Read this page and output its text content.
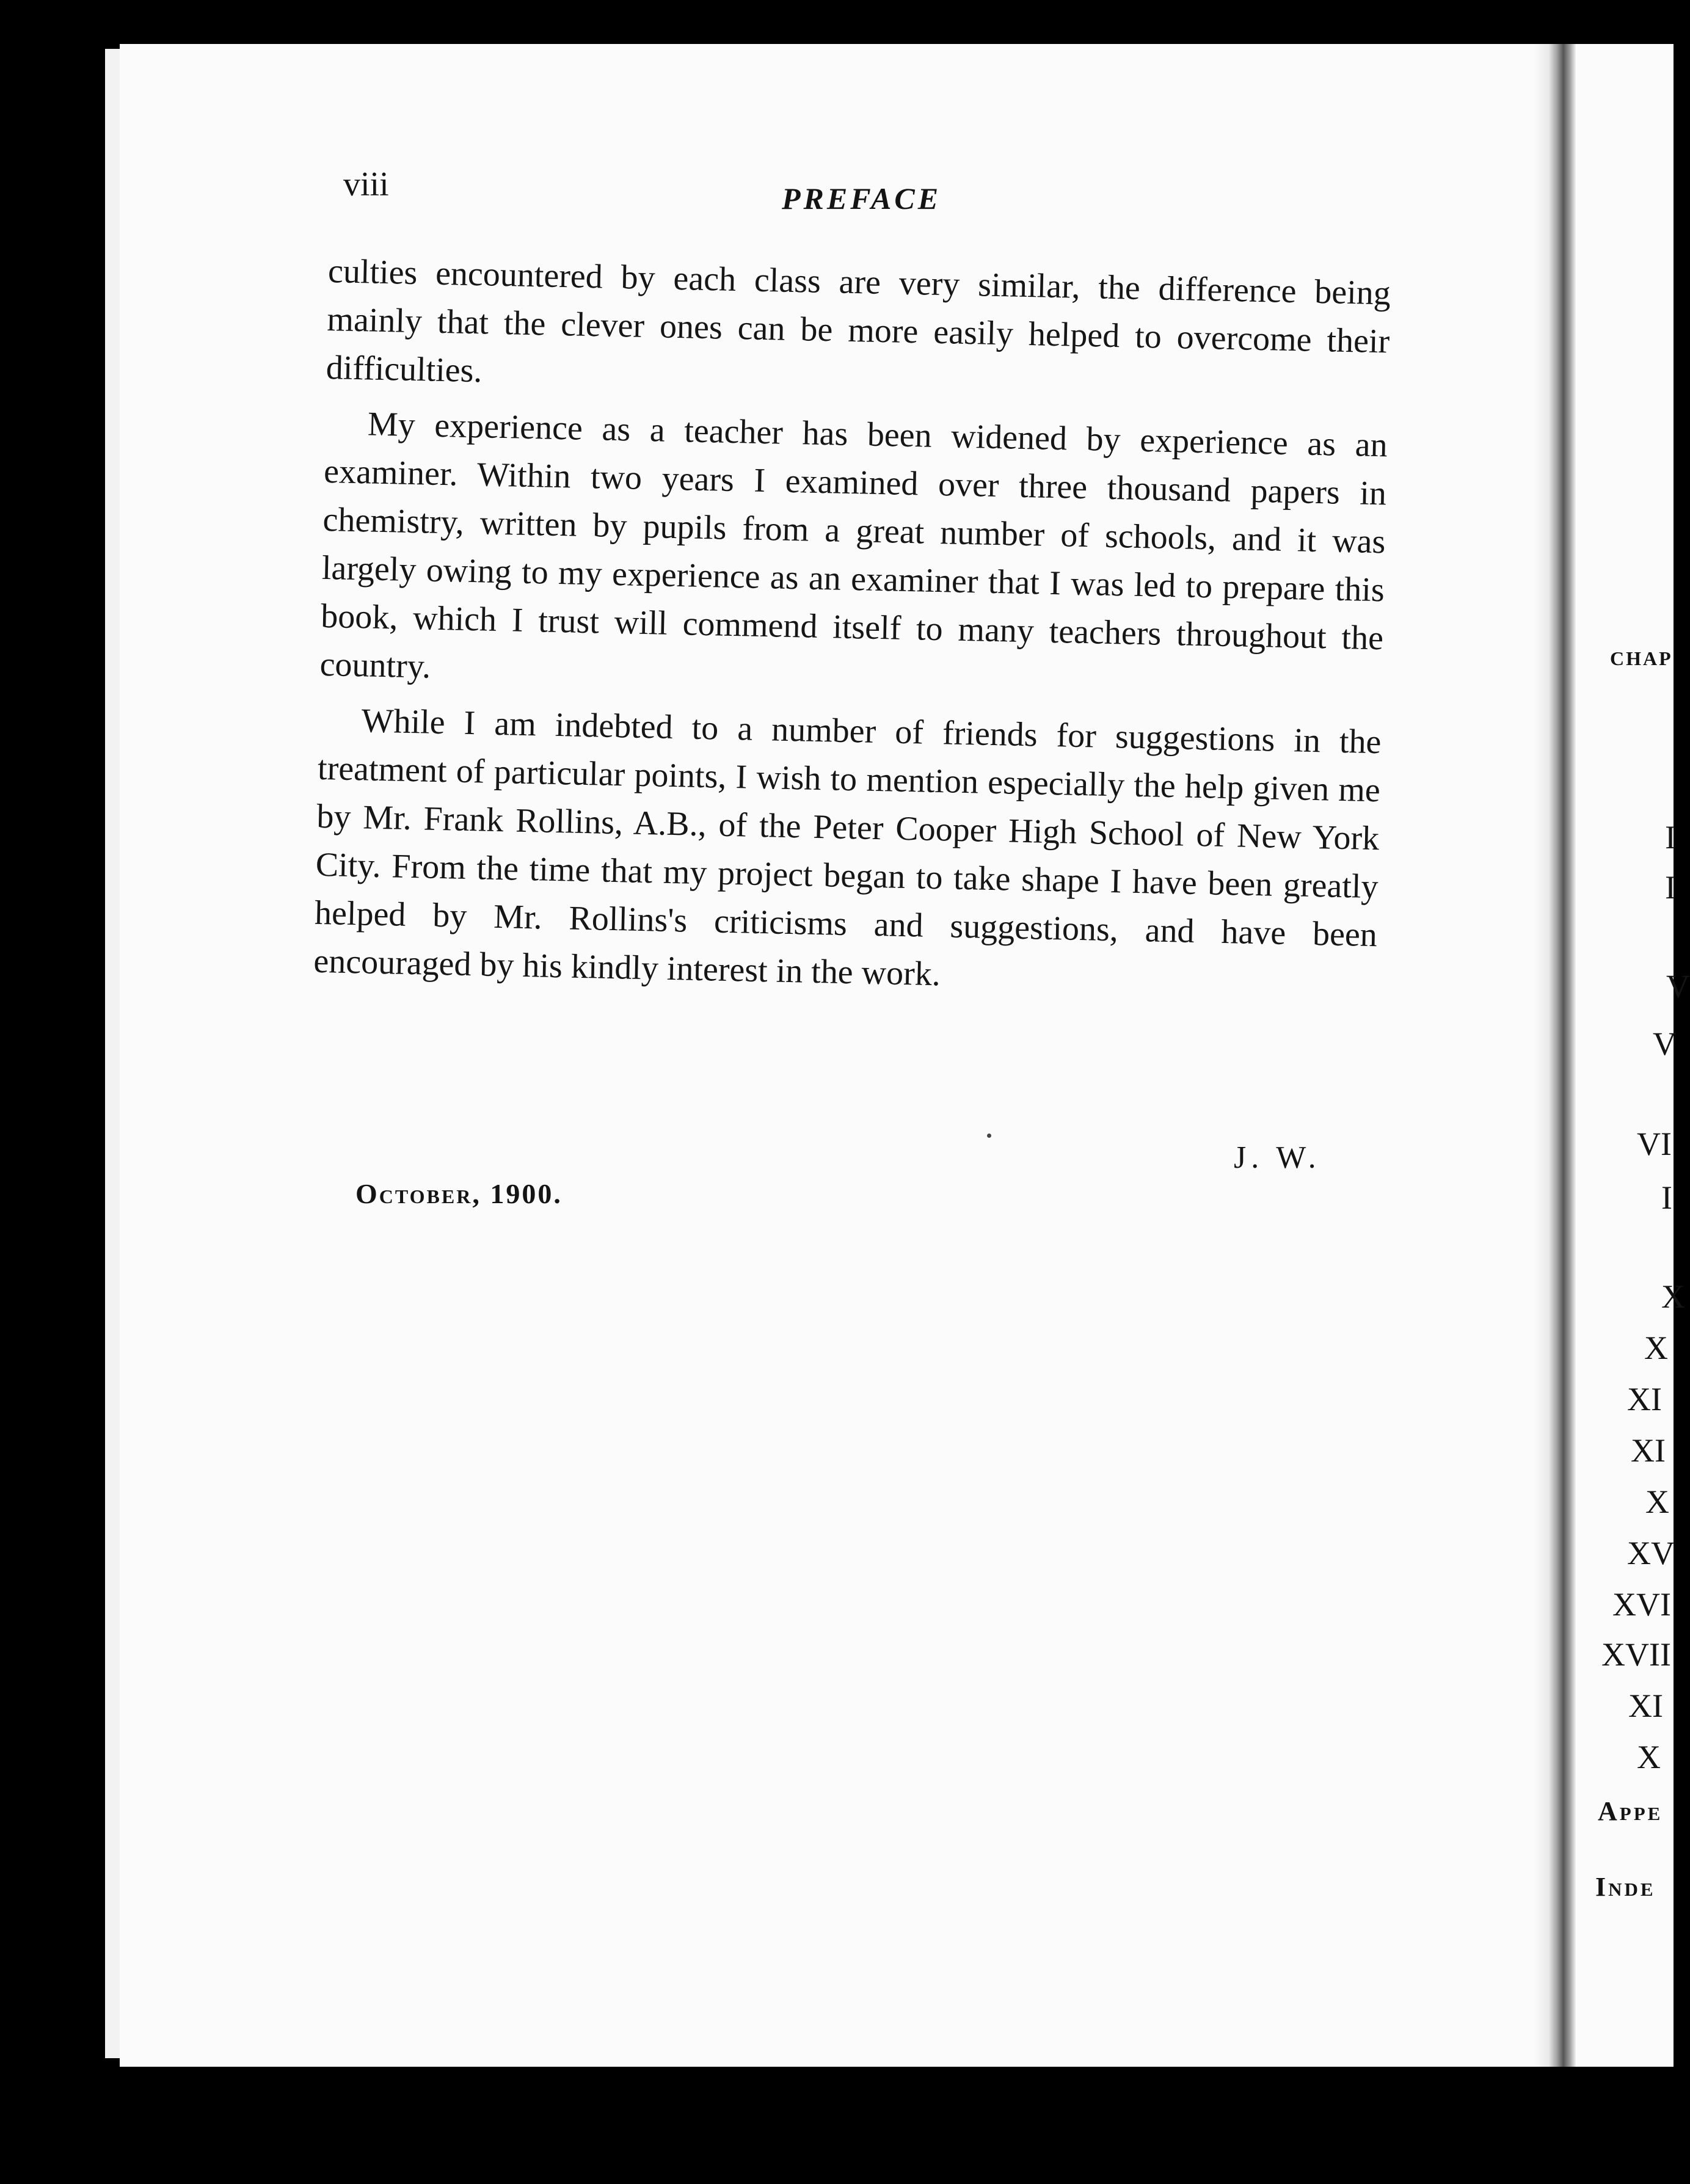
viii	PREFACE

culties encountered by each class are very similar, the difference being mainly that the clever ones can be more easily helped to overcome their difficulties.

My experience as a teacher has been widened by experience as an examiner. Within two years I examined over three thousand papers in chemistry, written by pupils from a great number of schools, and it was largely owing to my experience as an examiner that I was led to prepare this book, which I trust will commend itself to many teachers throughout the country.

While I am indebted to a number of friends for suggestions in the treatment of particular points, I wish to mention especially the help given me by Mr. Frank Rollins, A.B., of the Peter Cooper High School of New York City. From the time that my project began to take shape I have been greatly helped by Mr. Rollins's criticisms and suggestions, and have been encouraged by his kindly interest in the work.

J. W.
October, 1900.
CHAP
I
I
V
V
VI
I
X
X
XI
XI
X
XV
XVI
XVII
XI
X
Appe
Inde
